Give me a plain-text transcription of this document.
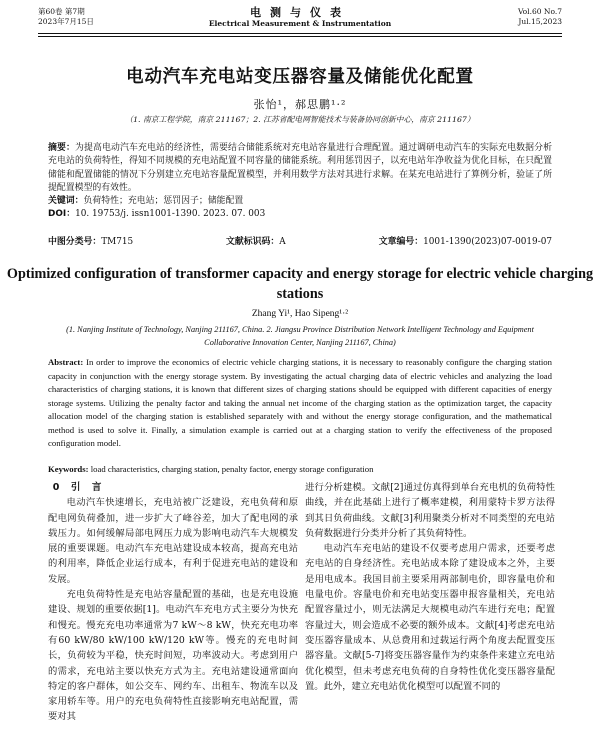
第60卷 第7期
2023年7月15日
电测与仪表
Electrical Measurement & Instrumentation
Vol.60 No.7
Jul.15,2023
电动汽车充电站变压器容量及储能优化配置
张怡¹，郝思鹏¹·²
（1. 南京工程学院，南京 211167；2. 江苏省配电网智能技术与装备协同创新中心，南京 211167）

摘要：为提高电动汽车充电站的经济性，需要结合储能系统对充电站容量进行合理配置。通过调研电动汽车的实际充电数据分析充电站的负荷特性，得知不同规模的充电站配置不同容量的储能系统。利用惩罚因子，以充电站年净收益为优化目标，在只配置储能和配置储能的情况下分别建立充电站容量配置模型，并利用数学方法对其进行求解。在某充电站进行了算例分析，验证了所提配置模型的有效性。

关键词：负荷特性；充电站；惩罚因子；储能配置
DOI：10. 19753/j. issn1001-1390. 2023. 07. 003
中图分类号：TM715	文献标识码：A	文章编号：1001-1390(2023)07-0019-07
Optimized configuration of transformer capacity and energy storage for electric vehicle charging stations
Zhang Yi¹, Hao Sipeng¹·²
(1. Nanjing Institute of Technology, Nanjing 211167, China. 2. Jiangsu Province Distribution Network Intelligent Technology and Equipment Collaborative Innovation Center, Nanjing 211167, China)

Abstract: In order to improve the economics of electric vehicle charging stations, it is necessary to reasonably configure the charging station capacity in conjunction with the energy storage system. By investigating the actual charging data of electric vehicles and analyzing the load characteristics of charging stations, it is known that different sizes of charging stations should be equipped with different capacities of energy storage systems. Utilizing the penalty factor and taking the annual net income of the charging station as the optimization target, the capacity allocation model of the charging station is established separately with and without the energy storage configuration, and the mathematical method is used to solve it. Finally, a simulation example is carried out at a charging station to verify the effectiveness of the proposed configuration model.

Keywords: load characteristics, charging station, penalty factor, energy storage configuration
0　引　言

电动汽车快速增长，充电站被广泛建设，充电负荷和原配电网负荷叠加，进一步扩大了峰谷差，加大了配电网的承载压力。如何缓解局部电网压力成为影响电动汽车大规模发展的重要课题。电动汽车充电站建设成本较高，提高充电站的利用率，降低企业运行成本，有利于促进充电站的建设和发展。

充电负荷特性是充电站容量配置的基础，也是充电设施建设、规划的重要依据[1]。电动汽车充电方式主要分为快充和慢充。慢充充电功率通常为7 kW～8 kW，快充充电功率有60 kW/80 kW/100 kW/120 kW等。慢充的充电时间长，负荷较为平稳，快充时间短，功率波动大。考虑到用户的需求，充电站主要以快充方式为主。充电站建设通常面向特定的客户群体，如公交车、网约车、出租车、物流车以及家用轿车等。用户的充电负荷特性直接影响充电站配置，需要对其

进行分析建模。文献[2]通过仿真得到单台充电机的负荷特性曲线，并在此基础上进行了概率建模，利用蒙特卡罗方法得到其日负荷曲线。文献[3]利用聚类分析对不同类型的充电站负荷数据进行分类并分析了其负荷特性。

电动汽车充电站的建设不仅要考虑用户需求，还要考虑充电站的自身经济性。充电站成本除了建设成本之外，主要是用电成本。我国目前主要采用两部制电价，即容量电价和电量电价。容量电价和充电站变压器申报容量相关，充电站配置容量过小，则无法满足大规模电动汽车进行充电；配置容量过大，则会造成不必要的额外成本。文献[4]考虑充电站变压器容量成本、从总费用和过载运行两个角度去配置变压器容量。文献[5-7]将变压器容量作为约束条件来建立充电站优化模型，但未考虑充电负荷的自身特性优化变压器容量配置。此外，建立充电站优化模型可以配置不同的
